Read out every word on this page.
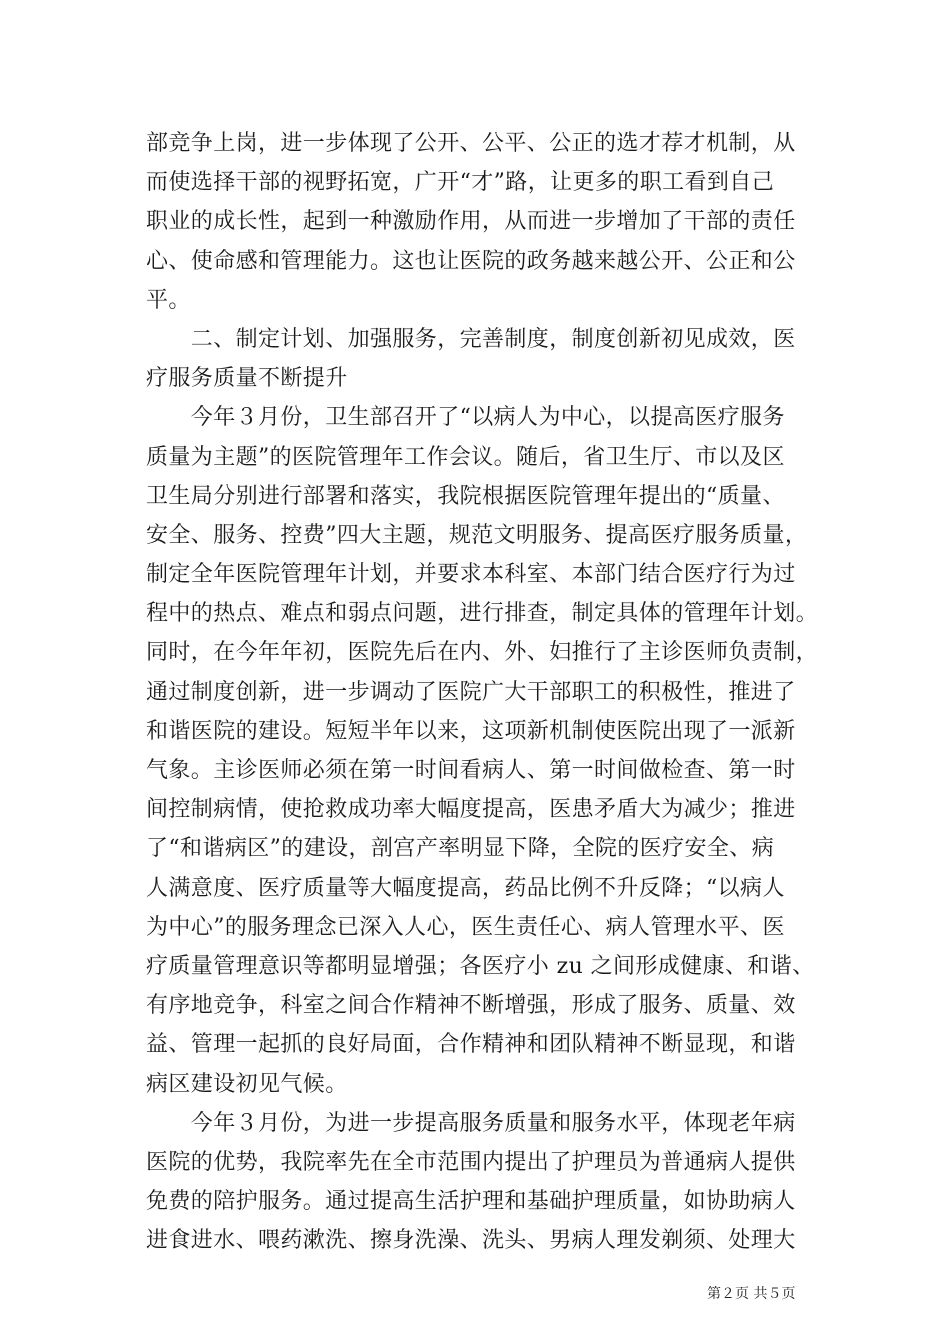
部竞争上岗，进一步体现了公开、公平、公正的选才荐才机制，从
而使选择干部的视野拓宽，广开“才”路，让更多的职工看到自己
职业的成长性，起到一种激励作用，从而进一步增加了干部的责任
心、使命感和管理能力。这也让医院的政务越来越公开、公正和公
平。
　　二、制定计划、加强服务，完善制度，制度创新初见成效，医
疗服务质量不断提升
　　今年３月份，卫生部召开了“以病人为中心，以提高医疗服务
质量为主题”的医院管理年工作会议。随后，省卫生厅、市以及区
卫生局分别进行部署和落实，我院根据医院管理年提出的“质量、
安全、服务、控费”四大主题，规范文明服务、提高医疗服务质量，
制定全年医院管理年计划，并要求本科室、本部门结合医疗行为过
程中的热点、难点和弱点问题，进行排查，制定具体的管理年计划。
同时，在今年年初，医院先后在内、外、妇推行了主诊医师负责制，
通过制度创新，进一步调动了医院广大干部职工的积极性，推进了
和谐医院的建设。短短半年以来，这项新机制使医院出现了一派新
气象。主诊医师必须在第一时间看病人、第一时间做检查、第一时
间控制病情，使抢救成功率大幅度提高，医患矛盾大为减少；推进
了“和谐病区”的建设，剖宫产率明显下降，全院的医疗安全、病
人满意度、医疗质量等大幅度提高，药品比例不升反降；“以病人
为中心”的服务理念已深入人心，医生责任心、病人管理水平、医
疗质量管理意识等都明显增强；各医疗小 zu 之间形成健康、和谐、
有序地竞争，科室之间合作精神不断增强，形成了服务、质量、效
益、管理一起抓的良好局面，合作精神和团队精神不断显现，和谐
病区建设初见气候。
　　今年３月份，为进一步提高服务质量和服务水平，体现老年病
医院的优势，我院率先在全市范围内提出了护理员为普通病人提供
免费的陪护服务。通过提高生活护理和基础护理质量，如协助病人
进食进水、喂药漱洗、擦身洗澡、洗头、男病人理发剃须、处理大
第２页 共５页
